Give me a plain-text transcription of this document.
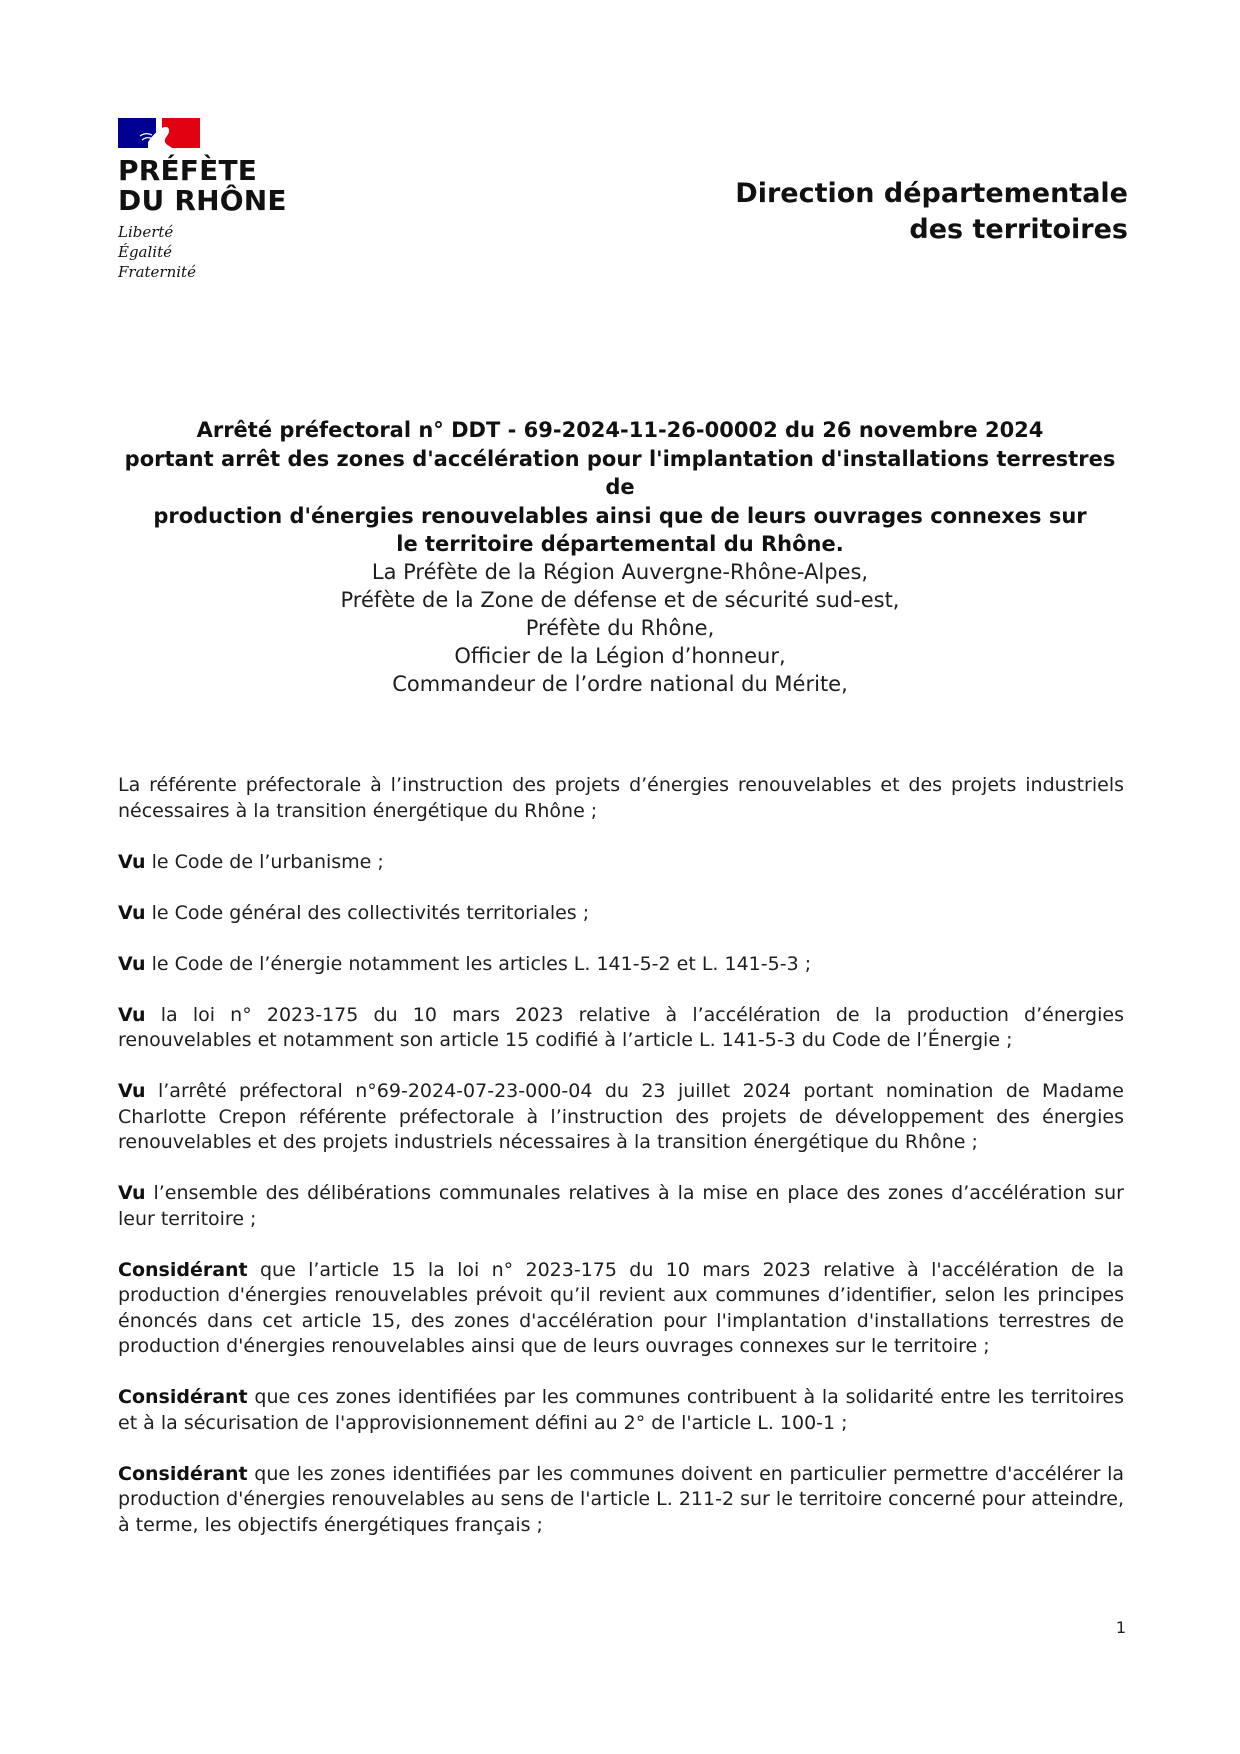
PRÉFÈTE
DU RHÔNE
Liberté
Égalité
Fraternité
Direction départementale
des territoires
Arrêté préfectoral n° DDT - 69-2024-11-26-00002 du 26 novembre 2024
portant arrêt des zones d'accélération pour l'implantation d'installations terrestres de
production d'énergies renouvelables ainsi que de leurs ouvrages connexes sur
le territoire départemental du Rhône.
La Préfète de la Région Auvergne-Rhône-Alpes,
Préfète de la Zone de défense et de sécurité sud-est,
Préfète du Rhône,
Officier de la Légion d’honneur,
Commandeur de l’ordre national du Mérite,

La référente préfectorale à l’instruction des projets d’énergies renouvelables et des projets industriels nécessaires à la transition énergétique du Rhône ;

Vu le Code de l’urbanisme ;

Vu le Code général des collectivités territoriales ;

Vu le Code de l’énergie notamment les articles L. 141-5-2 et L. 141-5-3 ;

Vu la loi n° 2023-175 du 10 mars 2023 relative à l’accélération de la production d’énergies renouvelables et notamment son article 15 codifié à l’article L. 141-5-3 du Code de l’Énergie ;

Vu l’arrêté préfectoral n°69-2024-07-23-000-04 du 23 juillet 2024 portant nomination de Madame Charlotte Crepon référente préfectorale à l’instruction des projets de développement des énergies renouvelables et des projets industriels nécessaires à la transition énergétique du Rhône ;

Vu l’ensemble des délibérations communales relatives à la mise en place des zones d’accélération sur leur territoire ;

Considérant que l’article 15 la loi n° 2023-175 du 10 mars 2023 relative à l'accélération de la production d'énergies renouvelables prévoit qu’il revient aux communes d’identifier, selon les principes énoncés dans cet article 15, des zones d'accélération pour l'implantation d'installations terrestres de production d'énergies renouvelables ainsi que de leurs ouvrages connexes sur le territoire ;

Considérant que ces zones identifiées par les communes contribuent à la solidarité entre les territoires et à la sécurisation de l'approvisionnement défini au 2° de l'article L. 100-1 ;

Considérant que les zones identifiées par les communes doivent en particulier permettre d'accélérer la production d'énergies renouvelables au sens de l'article L. 211-2 sur le territoire concerné pour atteindre, à terme, les objectifs énergétiques français ;

1
